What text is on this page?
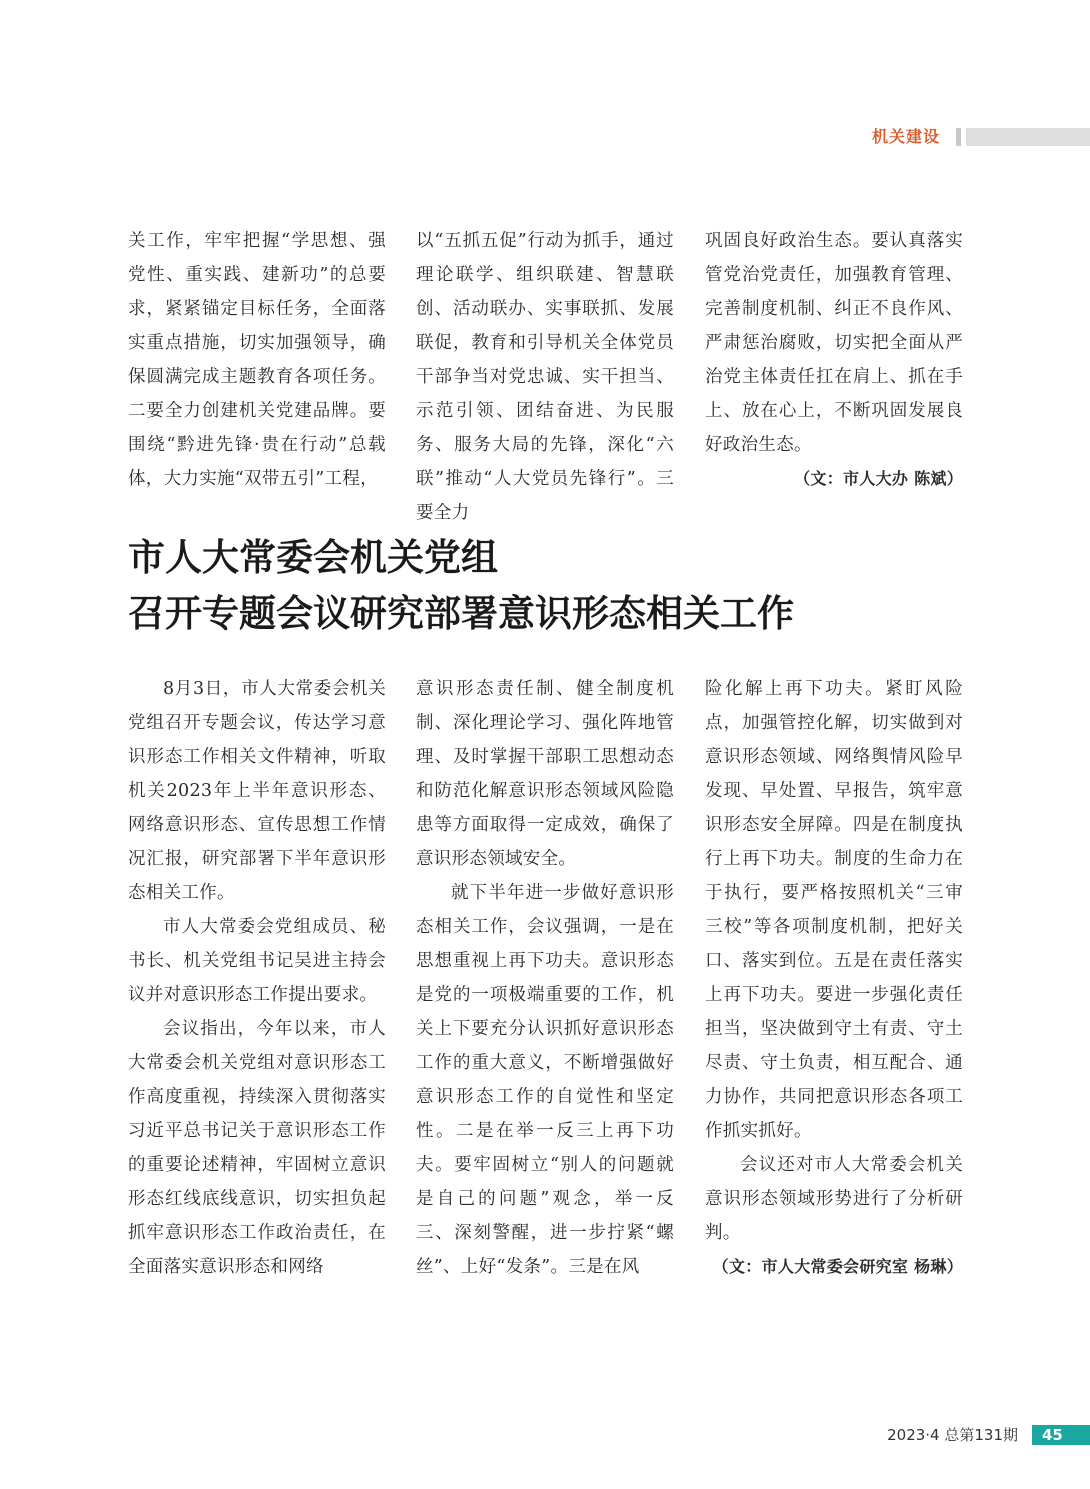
机关建设

关工作，牢牢把握“学思想、强党性、重实践、建新功”的总要求，紧紧锚定目标任务，全面落实重点措施，切实加强领导，确保圆满完成主题教育各项任务。二要全力创建机关党建品牌。要围绕“黔进先锋·贵在行动”总载体，大力实施“双带五引”工程，

以“五抓五促”行动为抓手，通过理论联学、组织联建、智慧联创、活动联办、实事联抓、发展联促，教育和引导机关全体党员干部争当对党忠诚、实干担当、示范引领、团结奋进、为民服务、服务大局的先锋，深化“六联”推动“人大党员先锋行”。三要全力

巩固良好政治生态。要认真落实管党治党责任，加强教育管理、完善制度机制、纠正不良作风、严肃惩治腐败，切实把全面从严治党主体责任扛在肩上、抓在手上、放在心上，不断巩固发展良好政治生态。

（文：市人大办 陈斌）
市人大常委会机关党组
召开专题会议研究部署意识形态相关工作

8月3日，市人大常委会机关党组召开专题会议，传达学习意识形态工作相关文件精神，听取机关2023年上半年意识形态、网络意识形态、宣传思想工作情况汇报，研究部署下半年意识形态相关工作。

市人大常委会党组成员、秘书长、机关党组书记吴进主持会议并对意识形态工作提出要求。

会议指出，今年以来，市人大常委会机关党组对意识形态工作高度重视，持续深入贯彻落实习近平总书记关于意识形态工作的重要论述精神，牢固树立意识形态红线底线意识，切实担负起抓牢意识形态工作政治责任，在全面落实意识形态和网络

意识形态责任制、健全制度机制、深化理论学习、强化阵地管理、及时掌握干部职工思想动态和防范化解意识形态领域风险隐患等方面取得一定成效，确保了意识形态领域安全。

就下半年进一步做好意识形态相关工作，会议强调，一是在思想重视上再下功夫。意识形态是党的一项极端重要的工作，机关上下要充分认识抓好意识形态工作的重大意义，不断增强做好意识形态工作的自觉性和坚定性。二是在举一反三上再下功夫。要牢固树立“别人的问题就是自己的问题”观念，举一反三、深刻警醒，进一步拧紧“螺丝”、上好“发条”。三是在风

险化解上再下功夫。紧盯风险点，加强管控化解，切实做到对意识形态领域、网络舆情风险早发现、早处置、早报告，筑牢意识形态安全屏障。四是在制度执行上再下功夫。制度的生命力在于执行，要严格按照机关“三审三校”等各项制度机制，把好关口、落实到位。五是在责任落实上再下功夫。要进一步强化责任担当，坚决做到守土有责、守土尽责、守土负责，相互配合、通力协作，共同把意识形态各项工作抓实抓好。

会议还对市人大常委会机关意识形态领域形势进行了分析研判。

（文：市人大常委会研究室 杨琳）
2023·4 总第131期	45
